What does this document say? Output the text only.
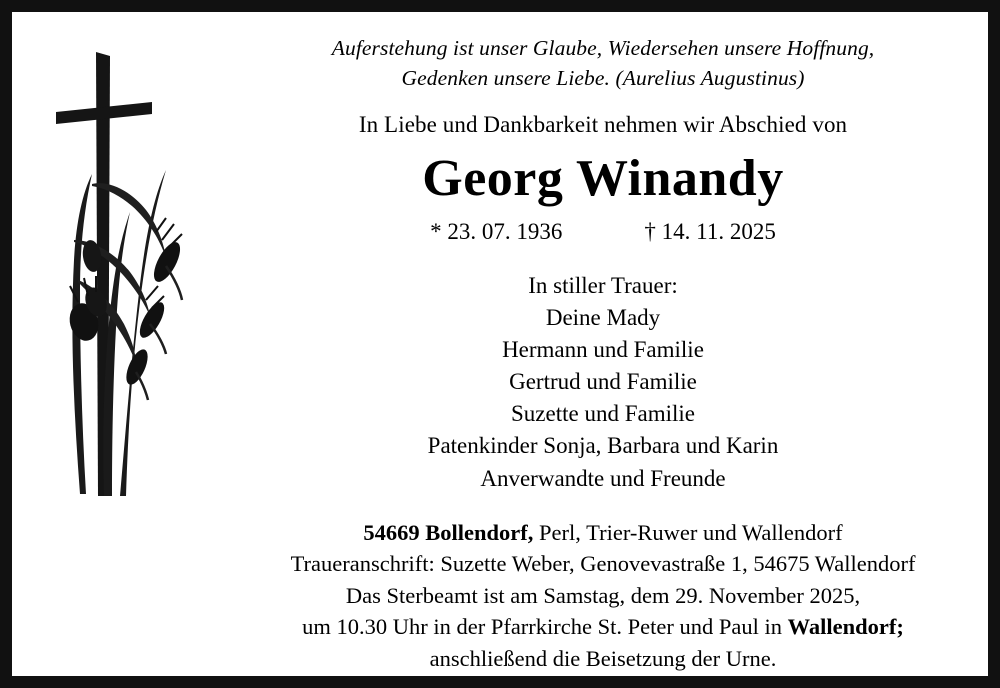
Auferstehung ist unser Glaube, Wiedersehen unsere Hoffnung,
Gedenken unsere Liebe. (Aurelius Augustinus)
In Liebe und Dankbarkeit nehmen wir Abschied von
Georg Winandy
* 23. 07. 1936	† 14. 11. 2025
In stiller Trauer:
Deine Mady
Hermann und Familie
Gertrud und Familie
Suzette und Familie
Patenkinder Sonja, Barbara und Karin
Anverwandte und Freunde
54669 Bollendorf, Perl, Trier-Ruwer und Wallendorf
Traueranschrift: Suzette Weber, Genovevastraße 1, 54675 Wallendorf
Das Sterbeamt ist am Samstag, dem 29. November 2025,
um 10.30 Uhr in der Pfarrkirche St. Peter und Paul in Wallendorf;
anschließend die Beisetzung der Urne.
